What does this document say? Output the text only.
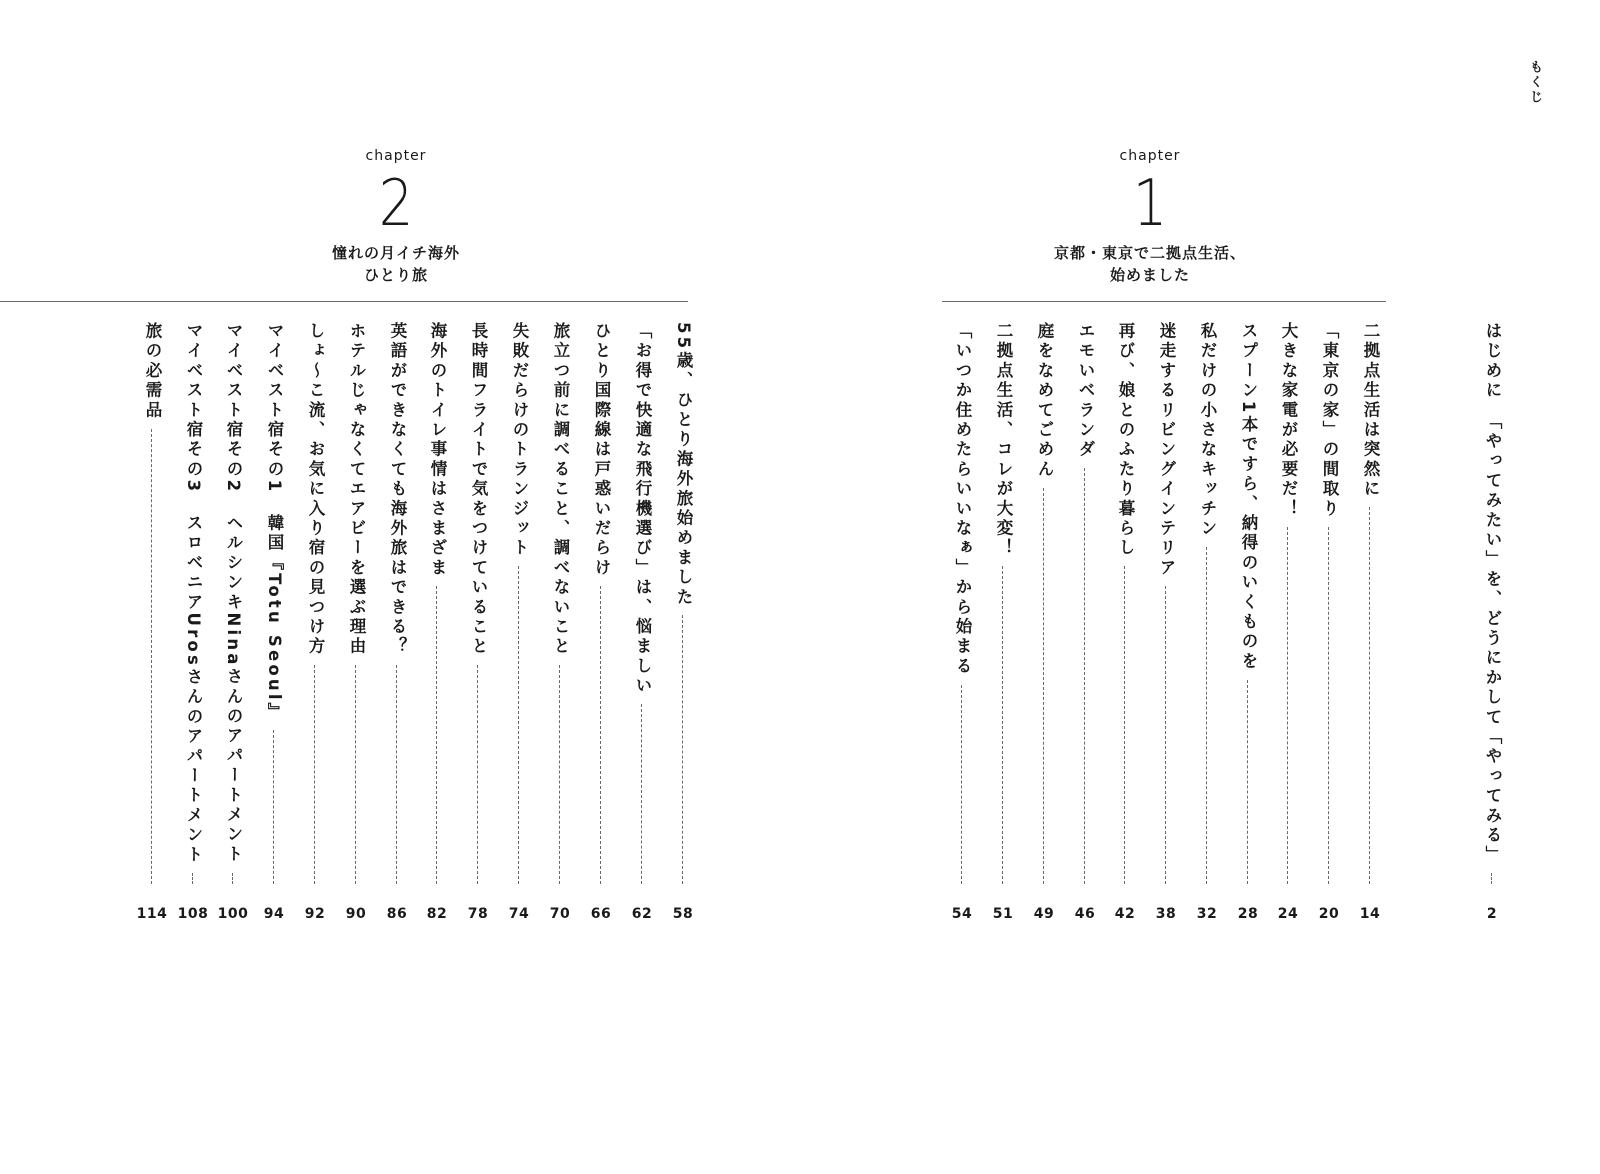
もくじ
chapter
1
京都・東京で二拠点生活、
始めました
chapter
2
憧れの月イチ海外
ひとり旅
はじめに　「やってみたい」を、どうにかして「やってみる」
2
二拠点生活は突然に
14
「東京の家」の間取り
20
大きな家電が必要だ！
24
スプーン1本ですら、納得のいくものを
28
私だけの小さなキッチン
32
迷走するリビングインテリア
38
再び、娘とのふたり暮らし
42
エモいベランダ
46
庭をなめてごめん
49
二拠点生活、コレが大変！
51
「いつか住めたらいいなぁ」から始まる
54
55歳、ひとり海外旅始めました
58
「お得で快適な飛行機選び」は、悩ましい
62
ひとり国際線は戸惑いだらけ
66
旅立つ前に調べること、調べないこと
70
失敗だらけのトランジット
74
長時間フライトで気をつけていること
78
海外のトイレ事情はさまざま
82
英語ができなくても海外旅はできる？
86
ホテルじゃなくてエアビーを選ぶ理由
90
しょ〜こ流、お気に入り宿の見つけ方
92
マイベスト宿その1　韓国『Totu Seoul』
94
マイベスト宿その2　ヘルシンキNinaさんのアパートメント
100
マイベスト宿その3　スロベニアUrosさんのアパートメント
108
旅の必需品
114
